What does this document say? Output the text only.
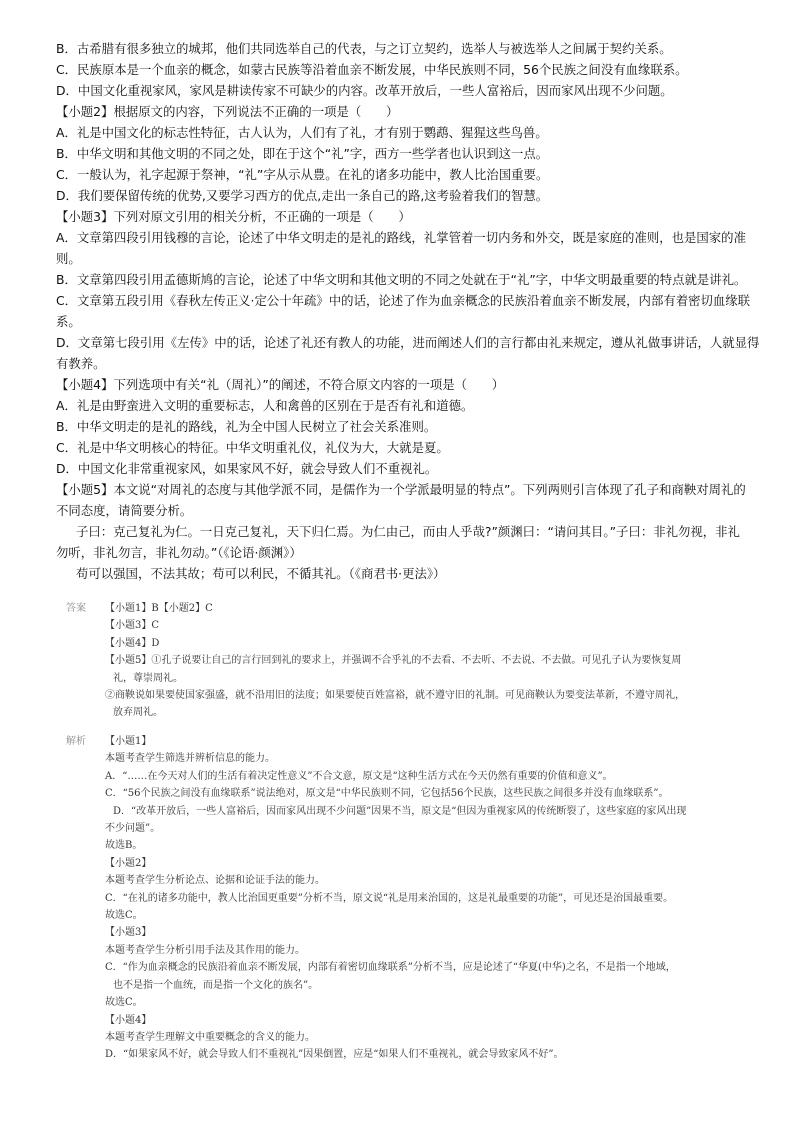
B．古希腊有很多独立的城邦，他们共同选举自己的代表，与之订立契约，选举人与被选举人之间属于契约关系。

C．民族原本是一个血亲的概念，如蒙古民族等沿着血亲不断发展，中华民族则不同，56个民族之间没有血缘联系。

D．中国文化重视家风，家风是耕读传家不可缺少的内容。改革开放后，一些人富裕后，因而家风出现不少问题。

【小题2】根据原文的内容，下列说法不正确的一项是（　　）

A．礼是中国文化的标志性特征，古人认为，人们有了礼，才有别于鹦鹉、猩猩这些鸟兽。

B．中华文明和其他文明的不同之处，即在于这个“礼”字，西方一些学者也认识到这一点。

C．一般认为，礼字起源于祭神，“礼”字从示从豊。在礼的诸多功能中，教人比治国重要。

D．我们要保留传统的优势,又要学习西方的优点,走出一条自己的路,这考验着我们的智慧。

【小题3】下列对原文引用的相关分析，不正确的一项是（　　）

A．文章第四段引用钱穆的言论，论述了中华文明走的是礼的路线，礼掌管着一切内务和外交，既是家庭的准则，也是国家的准

则。

B．文章第四段引用孟德斯鸠的言论，论述了中华文明和其他文明的不同之处就在于“礼”字，中华文明最重要的特点就是讲礼。

C．文章第五段引用《春秋左传正义·定公十年疏》中的话，论述了作为血亲概念的民族沿着血亲不断发展，内部有着密切血缘联

系。

D．文章第七段引用《左传》中的话，论述了礼还有教人的功能，进而阐述人们的言行都由礼来规定，遵从礼做事讲话，人就显得

有教养。

【小题4】下列选项中有关“礼（周礼）”的阐述，不符合原文内容的一项是（　　）

A．礼是由野蛮进入文明的重要标志，人和禽兽的区别在于是否有礼和道德。

B．中华文明走的是礼的路线，礼为全中国人民树立了社会关系准则。

C．礼是中华文明核心的特征。中华文明重礼仪，礼仪为大，大就是夏。

D．中国文化非常重视家风，如果家风不好，就会导致人们不重视礼。

【小题5】本文说“对周礼的态度与其他学派不同，是儒作为一个学派最明显的特点”。下列两则引言体现了孔子和商鞅对周礼的

不同态度，请简要分析。

子曰：克己复礼为仁。一日克己复礼，天下归仁焉。为仁由己，而由人乎哉?”颜渊曰：“请问其目。”子曰：非礼勿视，非礼

勿听，非礼勿言，非礼勿动。”（《论语·颜渊》）

苟可以强国，不法其故；苟可以利民，不循其礼。（《商君书·更法》）

答案 【小题1】B【小题2】C

【小题3】C

【小题4】D

【小题5】①孔子说要让自己的言行回到礼的要求上，并强调不合乎礼的不去看、不去听、不去说、不去做。可见孔子认为要恢复周

礼，尊崇周礼。

②商鞅说如果要使国家强盛，就不沿用旧的法度；如果要使百姓富裕，就不遵守旧的礼制。可见商鞅认为要变法革新，不遵守周礼，

放弃周礼。

解析 【小题1】

本题考查学生筛选并辨析信息的能力。

A．“……在今天对人们的生活有着决定性意义”不合文意，原文是“这种生活方式在今天仍然有重要的价值和意义”。

C．“56个民族之间没有血缘联系”说法绝对，原文是“中华民族则不同，它包括56个民族，这些民族之间很多并没有血缘联系”。

D．“改革开放后，一些人富裕后，因而家风出现不少问题”因果不当，原文是“但因为重视家风的传统断裂了，这些家庭的家风出现

不少问题”。

故选B。

【小题2】

本题考查学生分析论点、论据和论证手法的能力。

C．“在礼的诸多功能中，教人比治国更重要”分析不当，原文说“礼是用来治国的，这是礼最重要的功能”，可见还是治国最重要。

故选C。

【小题3】

本题考查学生分析引用手法及其作用的能力。

C．“作为血亲概念的民族沿着血亲不断发展，内部有着密切血缘联系”分析不当，应是论述了“华夏(中华)之名，不是指一个地域，

也不是指一个血统，而是指一个文化的族名”。

故选C。

【小题4】

本题考查学生理解文中重要概念的含义的能力。

D．“如果家风不好，就会导致人们不重视礼”因果倒置，应是“如果人们不重视礼，就会导致家风不好”。
